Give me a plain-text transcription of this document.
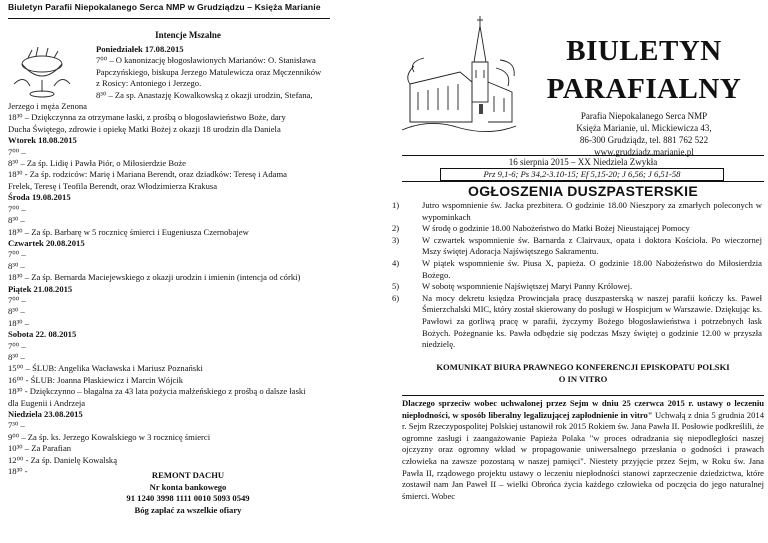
Biuletyn Parafii Niepokalanego Serca NMP w Grudziądzu – Księża Marianie
Intencje Mszalne
Poniedziałek 17.08.2015
7⁰⁰ – O kanonizację błogosławionych Marianów: O. Stanisława
Papczyńskiego, biskupa Jerzego Matulewicza oraz Męczenników
z Rosicy: Antoniego i Jerzego.
8³⁰ – Za sp. Anastazję Kowalkowską z okazji urodzin, Stefana,
Jerzego i męża Zenona
18³⁰ – Dziękczynna za otrzymane łaski, z prośbą o błogosławieństwo Boże, dary
Ducha Świętego, zdrowie i opiekę Matki Bożej z okazji 18 urodzin dla Daniela
Wtorek 18.08.2015
7⁰⁰ –
8³⁰ – Za śp. Lidię i Pawła Piór, o Miłosierdzie Boże
18³⁰ - Za śp. rodziców: Marię i Mariana Berendt, oraz dziadków: Teresę i Adama
Frelek, Teresę i Teofila Berendt, oraz Włodzimierza Krakusa
Środa 19.08.2015
7⁰⁰ –
8³⁰ –
18³⁰ – Za śp. Barbarę w 5 rocznicę śmierci i Eugeniusza Czernobajew
Czwartek 20.08.2015
7⁰⁰ –
8³⁰ –
18³⁰ – Za śp. Bernarda Maciejewskiego z okazji urodzin i imienin (intencja od córki)
Piątek 21.08.2015
7⁰⁰ –
8³⁰ –
18³⁰ –
Sobota 22. 08.2015
7⁰⁰ –
8³⁰ –
15⁰⁰ – ŚLUB: Angelika Wacławska i Mariusz Poznański
16⁰⁰ - ŚLUB: Joanna Płaskiewicz i Marcin Wójcik
18³⁰ - Dziękczynno – błagalna za 43 lata pożycia małżeńskiego z prośbą o dalsze łaski
dla Eugenii i Andrzeja
Niedziela 23.08.2015
7³⁰ –
9⁰⁰ – Za śp. ks. Jerzego Kowalskiego w 3 rocznicę śmierci
10³⁰ – Za Parafian
12⁰⁰ - Za śp. Danielę Kowalską
18³⁰ -	REMONT DACHU
Nr konta bankowego
91 1240 3998 1111 0010 5093 0549
Bóg zapłać za wszelkie ofiary
BIULETYN
PARAFIALNY
Parafia Niepokalanego Serca NMP
Księża Marianie, ul. Mickiewicza 43,
86-300 Grudziądz, tel. 881 762 522
www.grudziadz.marianie.pl
16 sierpnia 2015 – XX Niedziela Zwykła
Prz 9,1-6; Ps 34,2-3.10-15; Ef 5,15-20; J 6,56; J 6,51-58
OGŁOSZENIA DUSZPASTERSKIE
1)	Jutro wspomnienie św. Jacka prezbitera. O godzinie 18.00 Nieszpory za zmarłych poleconych w wypominkach
2)	W środę o godzinie 18.00 Nabożeństwo do Matki Bożej Nieustającej Pomocy
3)	W czwartek wspomnienie św. Barnarda z Clairvaux, opata i doktora Kościoła. Po wieczornej Mszy świętej Adoracja Najświętszego Sakramentu.
4)	W piątek wspomnienie św. Piusa X, papieża. O godzinie 18.00 Nabożeństwo do Miłosierdzia Bożego.
5)	W sobotę wspomnienie Najświętszej Maryi Panny Królowej.
6)	Na mocy dekretu księdza Prowincjała pracę duszpasterską w naszej parafii kończy ks. Paweł Śmierzchalski MIC, który został skierowany do posługi w Hospicjum w Warszawie. Dziękując ks. Pawłowi za gorliwą pracę w parafii, życzymy Bożego błogosławieństwa i potrzebnych łask Bożych. Pożegnanie ks. Pawła odbędzie się podczas Mszy świętej o godzinie 12.00 w przyszła niedzielę.
KOMUNIKAT BIURA PRAWNEGO KONFERENCJI EPISKOPATU POLSKI
O IN VITRO
Dlaczego sprzeciw wobec uchwalonej przez Sejm w dniu 25 czerwca 2015 r. ustawy o leczeniu niepłodności, w sposób liberalny legalizującej zapłodnienie in vitro" Uchwałą z dnia 5 grudnia 2014 r. Sejm Rzeczypospolitej Polskiej ustanowił rok 2015 Rokiem św. Jana Pawła II. Posłowie podkreślili, że ogromne zasługi i zaangażowanie Papieża Polaka "w proces odradzania się niepodległości naszej ojczyzny oraz ogromny wkład w propagowanie uniwersalnego przesłania o godności i prawach człowieka na zawsze pozostaną w naszej pamięci". Niestety przyjęcie przez Sejm, w Roku św. Jana Pawła II, rządowego projektu ustawy o leczeniu niepłodności stanowi zaprzeczenie dziedzictwa, które zostawił nam Jan Paweł II – wielki Obrońca życia każdego człowieka od poczęcia do jego naturalnej śmierci. Wobec
